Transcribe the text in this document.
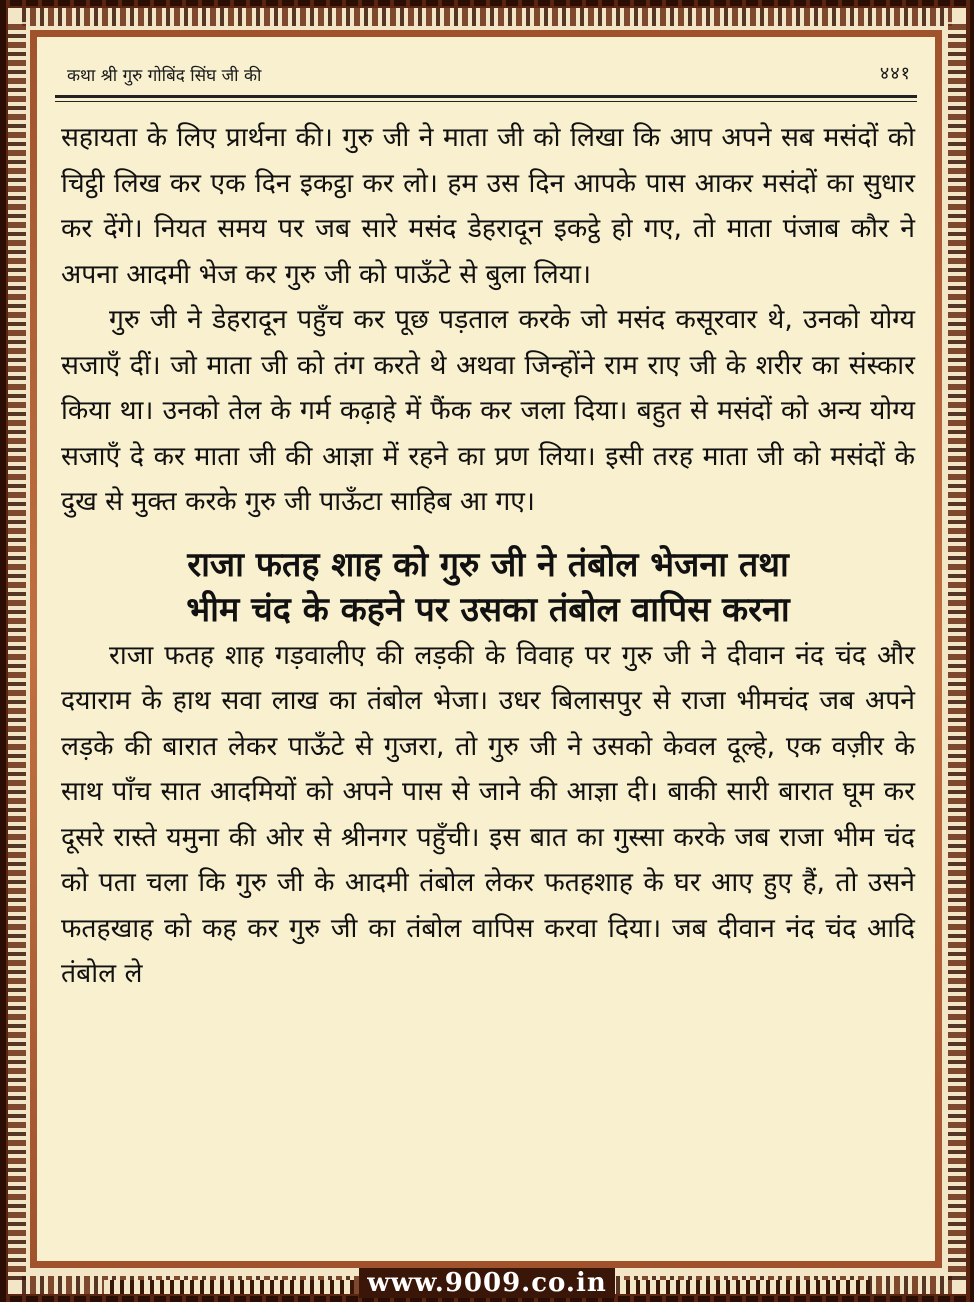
कथा श्री गुरु गोबिंद सिंघ जी की	४४१

सहायता के लिए प्रार्थना की। गुरु जी ने माता जी को लिखा कि आप अपने सब मसंदों को चिट्ठी लिख कर एक दिन इकट्ठा कर लो। हम उस दिन आपके पास आकर मसंदों का सुधार कर देंगे। नियत समय पर जब सारे मसंद डेहरादून इकट्ठे हो गए, तो माता पंजाब कौर ने अपना आदमी भेज कर गुरु जी को पाऊँटे से बुला लिया।

गुरु जी ने डेहरादून पहुँच कर पूछ पड़ताल करके जो मसंद कसूरवार थे, उनको योग्य सजाएँ दीं। जो माता जी को तंग करते थे अथवा जिन्होंने राम राए जी के शरीर का संस्कार किया था। उनको तेल के गर्म कढ़ाहे में फैंक कर जला दिया। बहुत से मसंदों को अन्य योग्य सजाएँ दे कर माता जी की आज्ञा में रहने का प्रण लिया। इसी तरह माता जी को मसंदों के दुख से मुक्त करके गुरु जी पाऊँटा साहिब आ गए।

राजा फतह शाह को गुरु जी ने तंबोल भेजना तथा
भीम चंद के कहने पर उसका तंबोल वापिस करना

राजा फतह शाह गड़वालीए की लड़की के विवाह पर गुरु जी ने दीवान नंद चंद और दयाराम के हाथ सवा लाख का तंबोल भेजा। उधर बिलासपुर से राजा भीमचंद जब अपने लड़के की बारात लेकर पाऊँटे से गुजरा, तो गुरु जी ने उसको केवल दूल्हे, एक वज़ीर के साथ पाँच सात आदमियों को अपने पास से जाने की आज्ञा दी। बाकी सारी बारात घूम कर दूसरे रास्ते यमुना की ओर से श्रीनगर पहुँची। इस बात का गुस्सा करके जब राजा भीम चंद को पता चला कि गुरु जी के आदमी तंबोल लेकर फतहशाह के घर आए हुए हैं, तो उसने फतहखाह को कह कर गुरु जी का तंबोल वापिस करवा दिया। जब दीवान नंद चंद आदि तंबोल ले

www.9009.co.in
